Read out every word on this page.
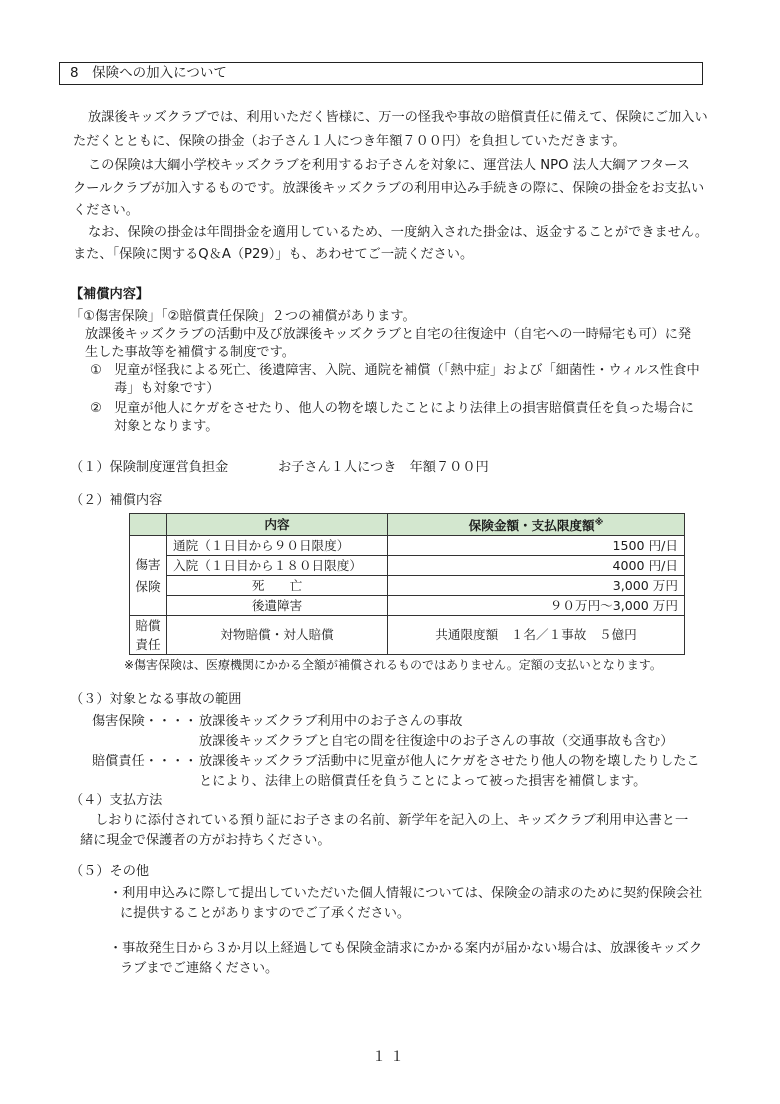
8　保険への加入について
放課後キッズクラブでは、利用いただく皆様に、万一の怪我や事故の賠償責任に備えて、保険にご加入い
ただくとともに、保険の掛金（お子さん１人につき年額７００円）を負担していただきます。
この保険は大綱小学校キッズクラブを利用するお子さんを対象に、運営法人 NPO 法人大綱アフタース
クールクラブが加入するものです。放課後キッズクラブの利用申込み手続きの際に、保険の掛金をお支払い
ください。
なお、保険の掛金は年間掛金を適用しているため、一度納入された掛金は、返金することができません。
また、「保険に関するQ＆A（P29）」も、あわせてご一読ください。
【補償内容】
「①傷害保険」「②賠償責任保険」２つの補償があります。
放課後キッズクラブの活動中及び放課後キッズクラブと自宅の往復途中（自宅への一時帰宅も可）に発
生した事故等を補償する制度です。
① 児童が怪我による死亡、後遺障害、入院、通院を補償（「熱中症」および「細菌性・ウィルス性食中
毒」も対象です）
② 児童が他人にケガをさせたり、他人の物を壊したことにより法律上の損害賠償責任を負った場合に
対象となります。
（１）保険制度運営負担金	お子さん１人につき　年額７００円
（２）補償内容
	内容	保険金額・支払限度額※

傷害保険	通院（１日目から９０日限度）	1500 円/日
	入院（１日目から１８０日限度）	4000 円/日
	死　　亡	3,000 万円
	後遺障害	９０万円～3,000 万円

賠償責任	対物賠償・対人賠償	共通限度額　１名／１事故　５億円
※傷害保険は、医療機関にかかる全額が補償されるものではありません。定額の支払いとなります。
（３）対象となる事故の範囲
傷害保険・・・・ 放課後キッズクラブ利用中のお子さんの事故
放課後キッズクラブと自宅の間を往復途中のお子さんの事故（交通事故も含む）
賠償責任・・・・ 放課後キッズクラブ活動中に児童が他人にケガをさせたり他人の物を壊したりしたこ
とにより、法律上の賠償責任を負うことによって被った損害を補償します。
（４）支払方法
しおりに添付されている預り証にお子さまの名前、新学年を記入の上、キッズクラブ利用申込書と一
緒に現金で保護者の方がお持ちください。
（５）その他
・利用申込みに際して提出していただいた個人情報については、保険金の請求のために契約保険会社
に提供することがありますのでご了承ください。
・事故発生日から３か月以上経過しても保険金請求にかかる案内が届かない場合は、放課後キッズク
ラブまでご連絡ください。
１１
